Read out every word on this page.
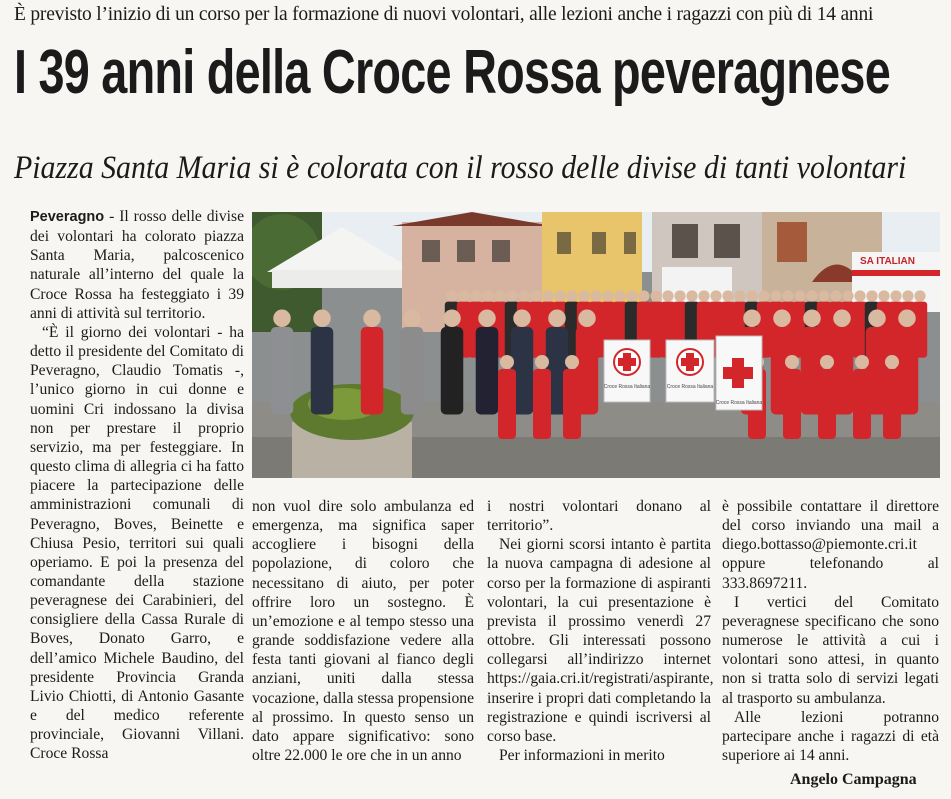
È previsto l’inizio di un corso per la formazione di nuovi volontari, alle lezioni anche i ragazzi con più di 14 anni
I 39 anni della Croce Rossa peveragnese
Piazza Santa Maria si è colorata con il rosso delle divise di tanti volontari

Peveragno - Il rosso delle divise dei volontari ha colorato piazza Santa Maria, palcoscenico naturale all’interno del quale la Croce Rossa ha festeggiato i 39 anni di attività sul territorio.

“È il giorno dei volontari - ha detto il presidente del Comitato di Peveragno, Claudio Tomatis -, l’unico giorno in cui donne e uomini Cri indossano la divisa non per prestare il proprio servizio, ma per festeggiare. In questo clima di allegria ci ha fatto piacere la partecipazione delle amministrazioni comunali di Peveragno, Boves, Beinette e Chiusa Pesio, territori sui quali operiamo. E poi la presenza del comandante della stazione peveragnese dei Carabinieri, del consigliere della Cassa Rurale di Boves, Donato Garro, e dell’amico Michele Baudino, del presidente Provincia Granda Livio Chiotti, di Antonio Gasante e del medico referente provinciale, Giovanni Villani. Croce Rossa

SA ITALIAN
Croce Rossa Italiana	Croce Rossa Italiana
Croce Rossa Italiana

non vuol dire solo ambulanza ed emergenza, ma significa saper accogliere i bisogni della popolazione, di coloro che necessitano di aiuto, per poter offrire loro un sostegno. È un’emozione e al tempo stesso una grande soddisfazione vedere alla festa tanti giovani al fianco degli anziani, uniti dalla stessa vocazione, dalla stessa propensione al prossimo. In questo senso un dato appare significativo: sono oltre 22.000 le ore che in un anno

i nostri volontari donano al territorio”.

Nei giorni scorsi intanto è partita la nuova campagna di adesione al corso per la formazione di aspiranti volontari, la cui presentazione è prevista il prossimo venerdì 27 ottobre. Gli interessati possono collegarsi all’indirizzo internet https://gaia.cri.it/registrati/aspirante, inserire i propri dati completando la registrazione e quindi iscriversi al corso base.

Per informazioni in merito

è possibile contattare il direttore del corso inviando una mail a diego.bottasso@piemonte.cri.it oppure telefonando al 333.8697211.

I vertici del Comitato peveragnese specificano che sono numerose le attività a cui i volontari sono attesi, in quanto non si tratta solo di servizi legati al trasporto su ambulanza.

Alle lezioni potranno partecipare anche i ragazzi di età superiore ai 14 anni.

Angelo Campagna
